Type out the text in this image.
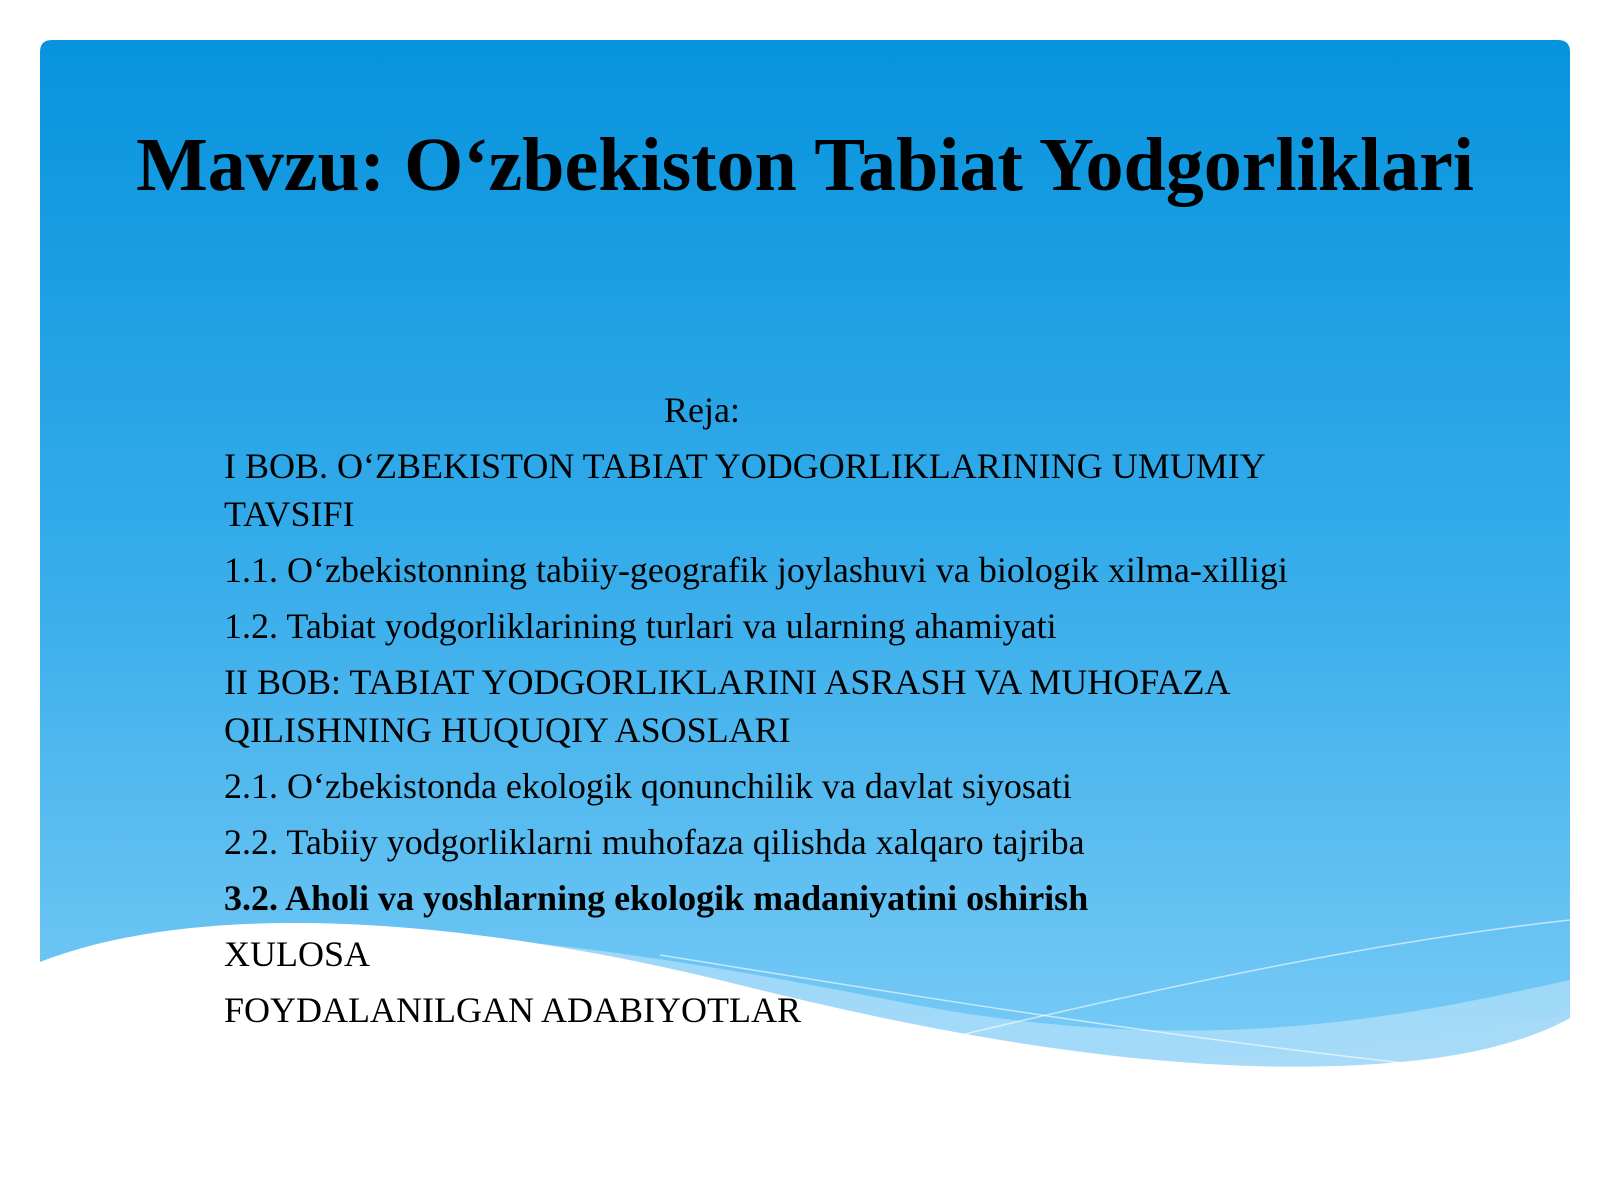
Mavzu: O‘zbekiston Tabiat Yodgorliklari
Reja:
I BOB. O‘ZBEKISTON TABIAT YODGORLIKLARINING UMUMIY TAVSIFI
1.1. O‘zbekistonning tabiiy-geografik joylashuvi va biologik xilma-xilligi
1.2. Tabiat yodgorliklarining turlari va ularning ahamiyati
II BOB: TABIAT YODGORLIKLARINI ASRASH VA MUHOFAZA QILISHNING HUQUQIY ASOSLARI
2.1. O‘zbekistonda ekologik qonunchilik va davlat siyosati
2.2. Tabiiy yodgorliklarni muhofaza qilishda xalqaro tajriba
3.2. Aholi va yoshlarning ekologik madaniyatini oshirish
XULOSA
FOYDALANILGAN ADABIYOTLAR
